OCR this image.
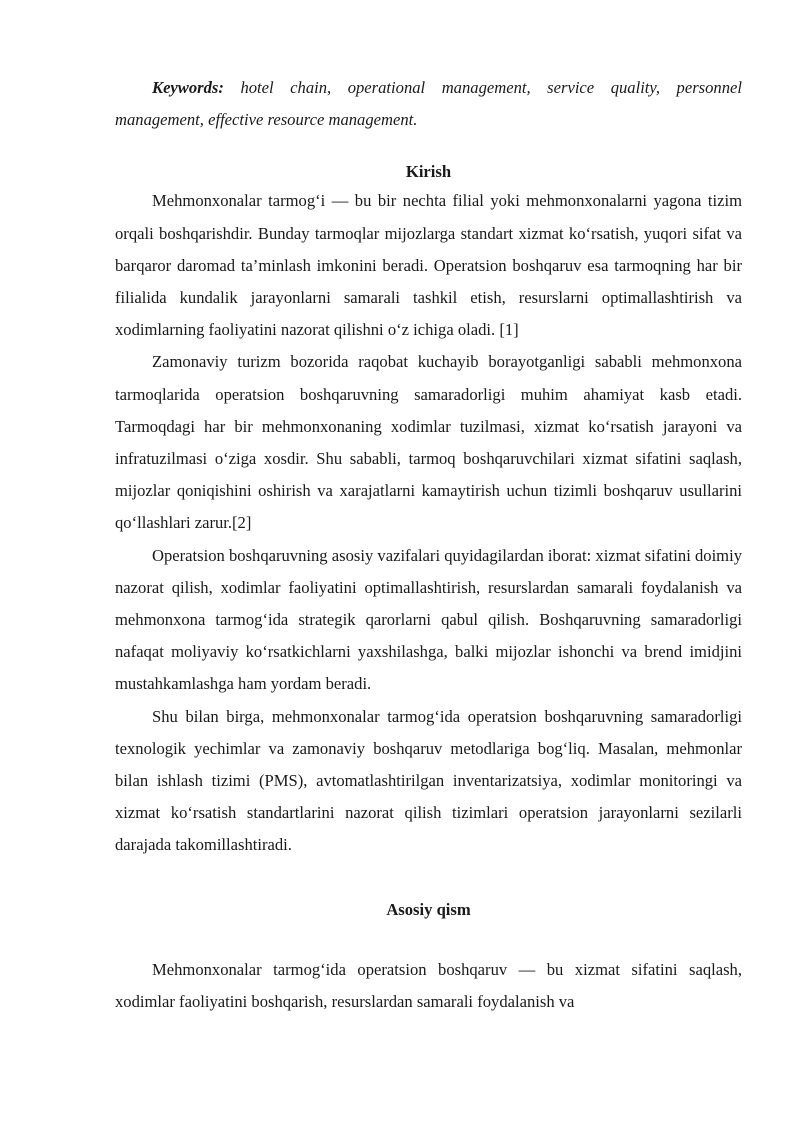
Keywords: hotel chain, operational management, service quality, personnel management, effective resource management.

Kirish

Mehmonxonalar tarmog‘i — bu bir nechta filial yoki mehmonxonalarni yagona tizim orqali boshqarishdir. Bunday tarmoqlar mijozlarga standart xizmat ko‘rsatish, yuqori sifat va barqaror daromad ta’minlash imkonini beradi. Operatsion boshqaruv esa tarmoqning har bir filialida kundalik jarayonlarni samarali tashkil etish, resurslarni optimallashtirish va xodimlarning faoliyatini nazorat qilishni o‘z ichiga oladi. [1]

Zamonaviy turizm bozorida raqobat kuchayib borayotganligi sababli mehmonxona tarmoqlarida operatsion boshqaruvning samaradorligi muhim ahamiyat kasb etadi. Tarmoqdagi har bir mehmonxonaning xodimlar tuzilmasi, xizmat ko‘rsatish jarayoni va infratuzilmasi o‘ziga xosdir. Shu sababli, tarmoq boshqaruvchilari xizmat sifatini saqlash, mijozlar qoniqishini oshirish va xarajatlarni kamaytirish uchun tizimli boshqaruv usullarini qo‘llashlari zarur.[2]

Operatsion boshqaruvning asosiy vazifalari quyidagilardan iborat: xizmat sifatini doimiy nazorat qilish, xodimlar faoliyatini optimallashtirish, resurslardan samarali foydalanish va mehmonxona tarmog‘ida strategik qarorlarni qabul qilish. Boshqaruvning samaradorligi nafaqat moliyaviy ko‘rsatkichlarni yaxshilashga, balki mijozlar ishonchi va brend imidjini mustahkamlashga ham yordam beradi.

Shu bilan birga, mehmonxonalar tarmog‘ida operatsion boshqaruvning samaradorligi texnologik yechimlar va zamonaviy boshqaruv metodlariga bog‘liq. Masalan, mehmonlar bilan ishlash tizimi (PMS), avtomatlashtirilgan inventarizatsiya, xodimlar monitoringi va xizmat ko‘rsatish standartlarini nazorat qilish tizimlari operatsion jarayonlarni sezilarli darajada takomillashtiradi.

Asosiy qism

Mehmonxonalar tarmog‘ida operatsion boshqaruv — bu xizmat sifatini saqlash, xodimlar faoliyatini boshqarish, resurslardan samarali foydalanish va
